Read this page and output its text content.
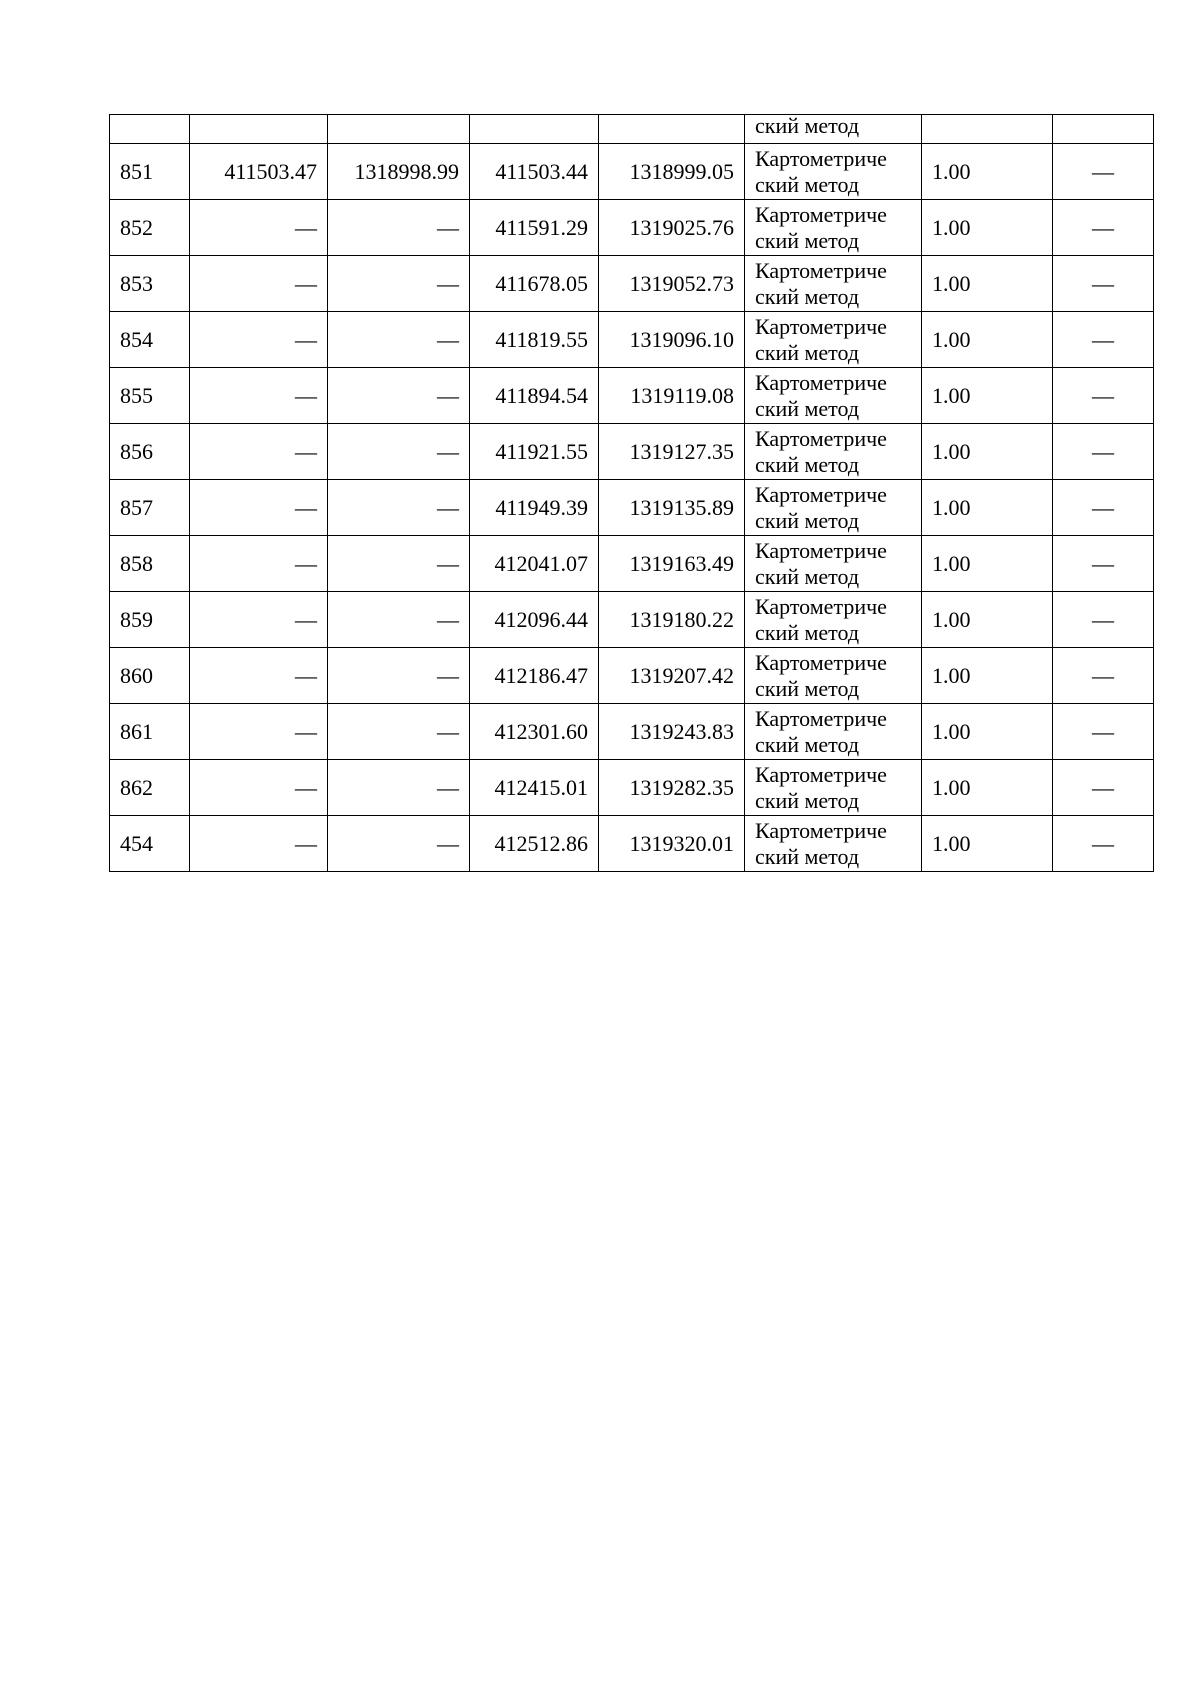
					ский метод		
851	411503.47	1318998.99	411503.44	1318999.05	Картометриче
ский метод	1.00	—
852	—	—	411591.29	1319025.76	Картометриче
ский метод	1.00	—
853	—	—	411678.05	1319052.73	Картометриче
ский метод	1.00	—
854	—	—	411819.55	1319096.10	Картометриче
ский метод	1.00	—
855	—	—	411894.54	1319119.08	Картометриче
ский метод	1.00	—
856	—	—	411921.55	1319127.35	Картометриче
ский метод	1.00	—
857	—	—	411949.39	1319135.89	Картометриче
ский метод	1.00	—
858	—	—	412041.07	1319163.49	Картометриче
ский метод	1.00	—
859	—	—	412096.44	1319180.22	Картометриче
ский метод	1.00	—
860	—	—	412186.47	1319207.42	Картометриче
ский метод	1.00	—
861	—	—	412301.60	1319243.83	Картометриче
ский метод	1.00	—
862	—	—	412415.01	1319282.35	Картометриче
ский метод	1.00	—
454	—	—	412512.86	1319320.01	Картометриче
ский метод	1.00	—
